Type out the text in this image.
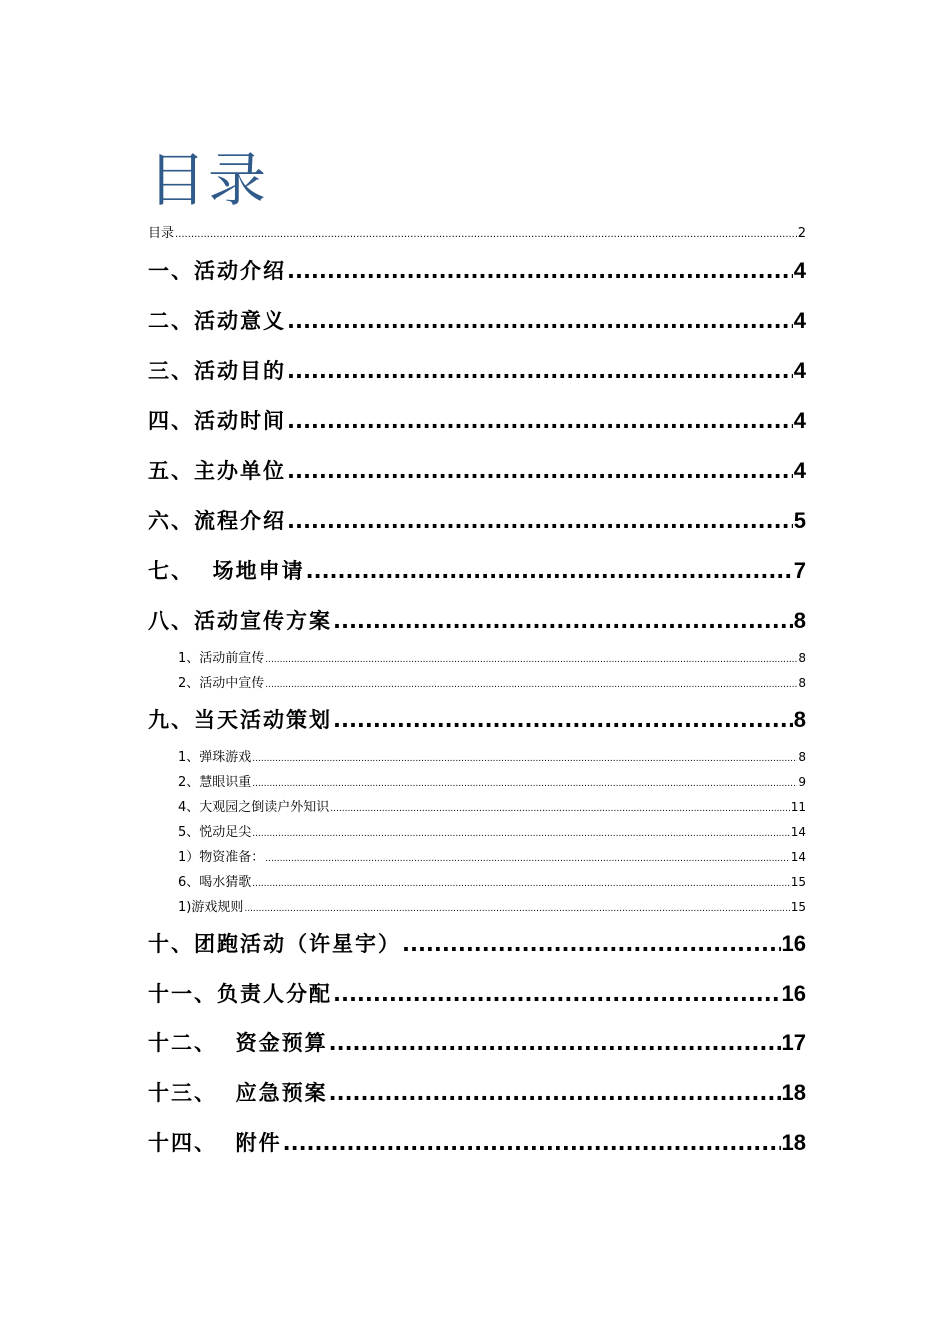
目录
目录 .....	2
一、活动介绍 .....	4
二、活动意义 .....	4
三、活动目的 .....	4
四、活动时间 .....	4
五、主办单位 .....	4
六、流程介绍 .....	5
七、  场地申请 .....	7
八、活动宣传方案 .....	8
1、活动前宣传 .....	8
2、活动中宣传 .....	8
九、当天活动策划 .....	8
1、弹珠游戏 .....	8
2、慧眼识重 .....	9
4、大观园之倒读户外知识 .....	11
5、悦动足尖 .....	14
1）物资准备： .....	14
6、喝水猜歌 .....	15
1)游戏规则 .....	15
十、团跑活动（许星宇） .....	16
十一、负责人分配 .....	16
十二、  资金预算 .....	17
十三、  应急预案 .....	18
十四、  附件 .....	18
